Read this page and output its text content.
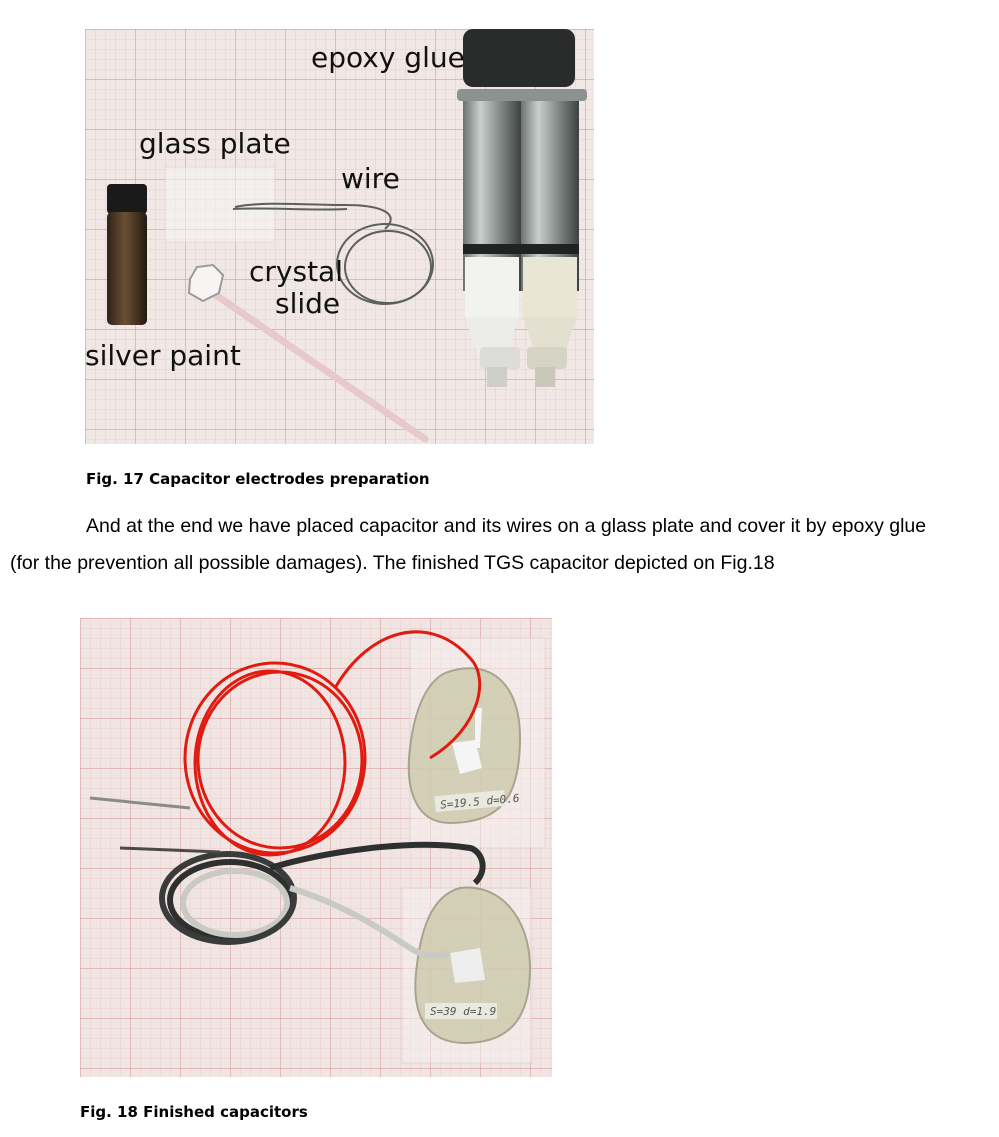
epoxy glue
glass plate
wire
crystal
slide
silver paint
Fig. 17 Capacitor electrodes preparation
And at the end we have placed capacitor and its wires on a glass plate and cover it by epoxy glue
(for the prevention all possible damages). The finished TGS capacitor depicted on Fig.18
S=19.5 d=0.6
S=39 d=1.9
Fig. 18 Finished capacitors
